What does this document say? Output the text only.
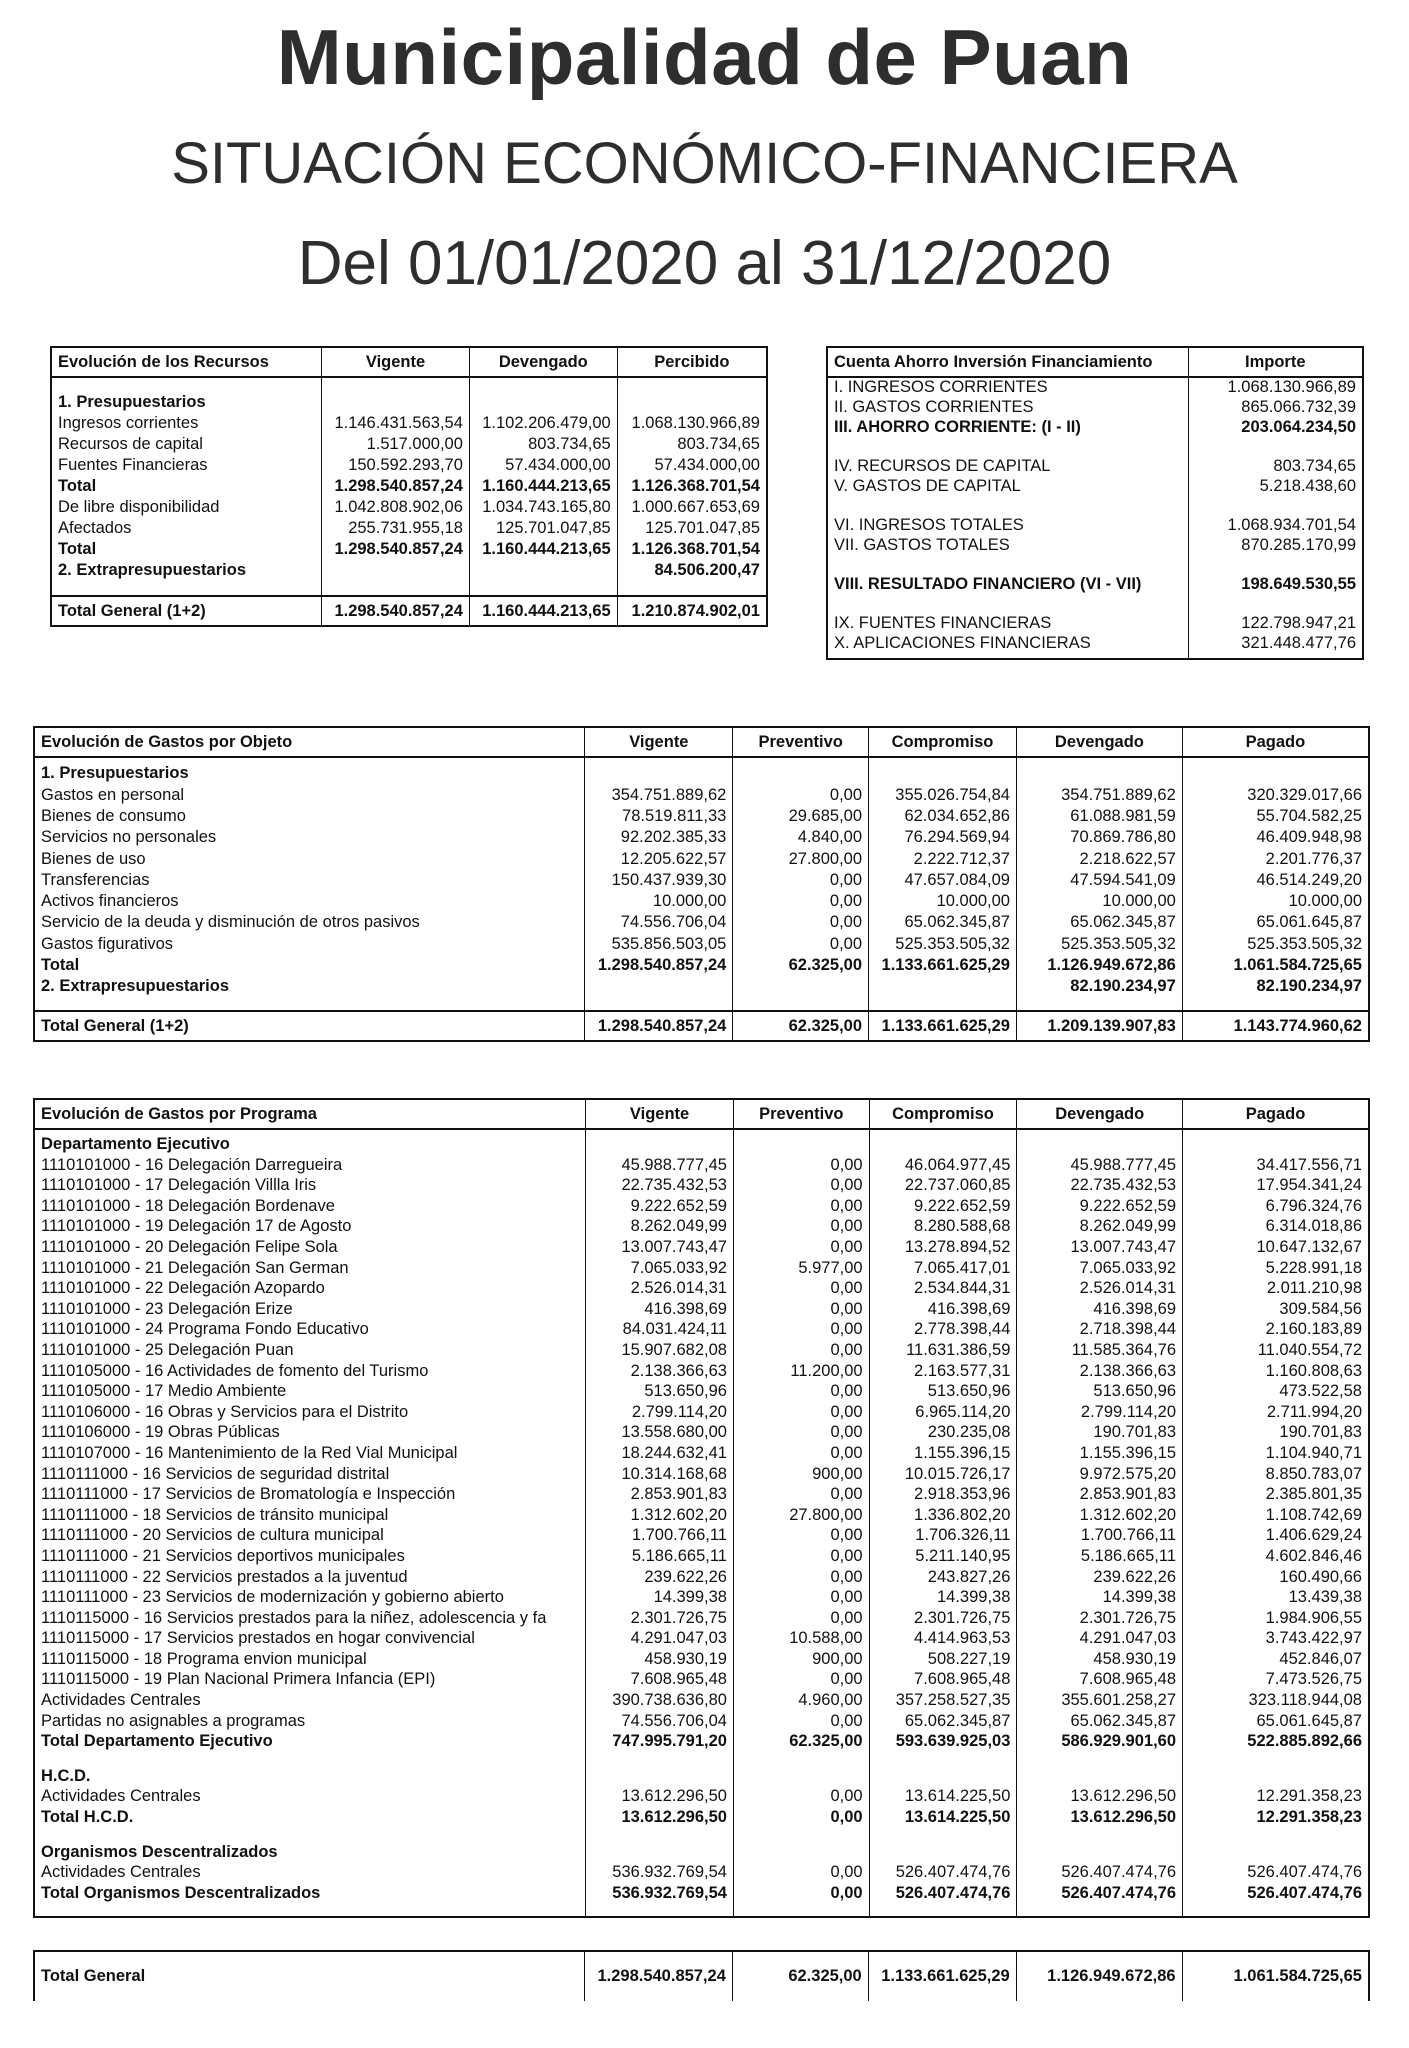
Municipalidad de Puan
SITUACIÓN ECONÓMICO-FINANCIERA
Del 01/01/2020 al 31/12/2020
Evolución de los Recursos	Vigente	Devengado	Percibido

1. Presupuestarios			
Ingresos corrientes	1.146.431.563,54	1.102.206.479,00	1.068.130.966,89
Recursos de capital	1.517.000,00	803.734,65	803.734,65
Fuentes Financieras	150.592.293,70	57.434.000,00	57.434.000,00
Total	1.298.540.857,24	1.160.444.213,65	1.126.368.701,54
De libre disponibilidad	1.042.808.902,06	1.034.743.165,80	1.000.667.653,69
Afectados	255.731.955,18	125.701.047,85	125.701.047,85
Total	1.298.540.857,24	1.160.444.213,65	1.126.368.701,54
2. Extrapresupuestarios			84.506.200,47

Total General (1+2)	1.298.540.857,24	1.160.444.213,65	1.210.874.902,01
Cuenta Ahorro Inversión Financiamiento	Importe
I. INGRESOS CORRIENTES	1.068.130.966,89
II. GASTOS CORRIENTES	865.066.732,39
III. AHORRO CORRIENTE: (I - II)	203.064.234,50

IV. RECURSOS DE CAPITAL	803.734,65
V. GASTOS DE CAPITAL	5.218.438,60

VI. INGRESOS TOTALES	1.068.934.701,54
VII. GASTOS TOTALES	870.285.170,99

VIII. RESULTADO FINANCIERO (VI - VII)	198.649.530,55

IX. FUENTES FINANCIERAS	122.798.947,21
X. APLICACIONES FINANCIERAS	321.448.477,76

Evolución de Gastos por Objeto	Vigente	Preventivo	Compromiso	Devengado	Pagado

1. Presupuestarios					
Gastos en personal	354.751.889,62	0,00	355.026.754,84	354.751.889,62	320.329.017,66
Bienes de consumo	78.519.811,33	29.685,00	62.034.652,86	61.088.981,59	55.704.582,25
Servicios no personales	92.202.385,33	4.840,00	76.294.569,94	70.869.786,80	46.409.948,98
Bienes de uso	12.205.622,57	27.800,00	2.222.712,37	2.218.622,57	2.201.776,37
Transferencias	150.437.939,30	0,00	47.657.084,09	47.594.541,09	46.514.249,20
Activos financieros	10.000,00	0,00	10.000,00	10.000,00	10.000,00
Servicio de la deuda y disminución de otros pasivos	74.556.706,04	0,00	65.062.345,87	65.062.345,87	65.061.645,87
Gastos figurativos	535.856.503,05	0,00	525.353.505,32	525.353.505,32	525.353.505,32
Total	1.298.540.857,24	62.325,00	1.133.661.625,29	1.126.949.672,86	1.061.584.725,65
2. Extrapresupuestarios				82.190.234,97	82.190.234,97

Total General (1+2)	1.298.540.857,24	62.325,00	1.133.661.625,29	1.209.139.907,83	1.143.774.960,62
Evolución de Gastos por Programa	Vigente	Preventivo	Compromiso	Devengado	Pagado

Departamento Ejecutivo					
1110101000 - 16 Delegación Darregueira	45.988.777,45	0,00	46.064.977,45	45.988.777,45	34.417.556,71
1110101000 - 17 Delegación Villla Iris	22.735.432,53	0,00	22.737.060,85	22.735.432,53	17.954.341,24
1110101000 - 18 Delegación Bordenave	9.222.652,59	0,00	9.222.652,59	9.222.652,59	6.796.324,76
1110101000 - 19 Delegación 17 de Agosto	8.262.049,99	0,00	8.280.588,68	8.262.049,99	6.314.018,86
1110101000 - 20 Delegación Felipe Sola	13.007.743,47	0,00	13.278.894,52	13.007.743,47	10.647.132,67
1110101000 - 21 Delegación San German	7.065.033,92	5.977,00	7.065.417,01	7.065.033,92	5.228.991,18
1110101000 - 22 Delegación Azopardo	2.526.014,31	0,00	2.534.844,31	2.526.014,31	2.011.210,98
1110101000 - 23 Delegación Erize	416.398,69	0,00	416.398,69	416.398,69	309.584,56
1110101000 - 24 Programa Fondo Educativo	84.031.424,11	0,00	2.778.398,44	2.718.398,44	2.160.183,89
1110101000 - 25 Delegación Puan	15.907.682,08	0,00	11.631.386,59	11.585.364,76	11.040.554,72
1110105000 - 16 Actividades de fomento del Turismo	2.138.366,63	11.200,00	2.163.577,31	2.138.366,63	1.160.808,63
1110105000 - 17 Medio Ambiente	513.650,96	0,00	513.650,96	513.650,96	473.522,58
1110106000 - 16 Obras y Servicios para el Distrito	2.799.114,20	0,00	6.965.114,20	2.799.114,20	2.711.994,20
1110106000 - 19 Obras Públicas	13.558.680,00	0,00	230.235,08	190.701,83	190.701,83
1110107000 - 16 Mantenimiento de la Red Vial Municipal	18.244.632,41	0,00	1.155.396,15	1.155.396,15	1.104.940,71
1110111000 - 16 Servicios de seguridad distrital	10.314.168,68	900,00	10.015.726,17	9.972.575,20	8.850.783,07
1110111000 - 17 Servicios de Bromatología e Inspección	2.853.901,83	0,00	2.918.353,96	2.853.901,83	2.385.801,35
1110111000 - 18 Servicios de tránsito municipal	1.312.602,20	27.800,00	1.336.802,20	1.312.602,20	1.108.742,69
1110111000 - 20 Servicios de cultura municipal	1.700.766,11	0,00	1.706.326,11	1.700.766,11	1.406.629,24
1110111000 - 21 Servicios deportivos municipales	5.186.665,11	0,00	5.211.140,95	5.186.665,11	4.602.846,46
1110111000 - 22 Servicios prestados a la juventud	239.622,26	0,00	243.827,26	239.622,26	160.490,66
1110111000 - 23 Servicios de modernización y gobierno abierto	14.399,38	0,00	14.399,38	14.399,38	13.439,38
1110115000 - 16 Servicios prestados para la niñez, adolescencia y fa	2.301.726,75	0,00	2.301.726,75	2.301.726,75	1.984.906,55
1110115000 - 17 Servicios prestados en hogar convivencial	4.291.047,03	10.588,00	4.414.963,53	4.291.047,03	3.743.422,97
1110115000 - 18 Programa envion municipal	458.930,19	900,00	508.227,19	458.930,19	452.846,07
1110115000 - 19 Plan Nacional Primera Infancia (EPI)	7.608.965,48	0,00	7.608.965,48	7.608.965,48	7.473.526,75
Actividades Centrales	390.738.636,80	4.960,00	357.258.527,35	355.601.258,27	323.118.944,08
Partidas no asignables a programas	74.556.706,04	0,00	65.062.345,87	65.062.345,87	65.061.645,87
Total Departamento Ejecutivo	747.995.791,20	62.325,00	593.639.925,03	586.929.901,60	522.885.892,66

H.C.D.					
Actividades Centrales	13.612.296,50	0,00	13.614.225,50	13.612.296,50	12.291.358,23
Total H.C.D.	13.612.296,50	0,00	13.614.225,50	13.612.296,50	12.291.358,23

Organismos Descentralizados					
Actividades Centrales	536.932.769,54	0,00	526.407.474,76	526.407.474,76	526.407.474,76
Total Organismos Descentralizados	536.932.769,54	0,00	526.407.474,76	526.407.474,76	526.407.474,76

Total General	1.298.540.857,24	62.325,00	1.133.661.625,29	1.126.949.672,86	1.061.584.725,65
